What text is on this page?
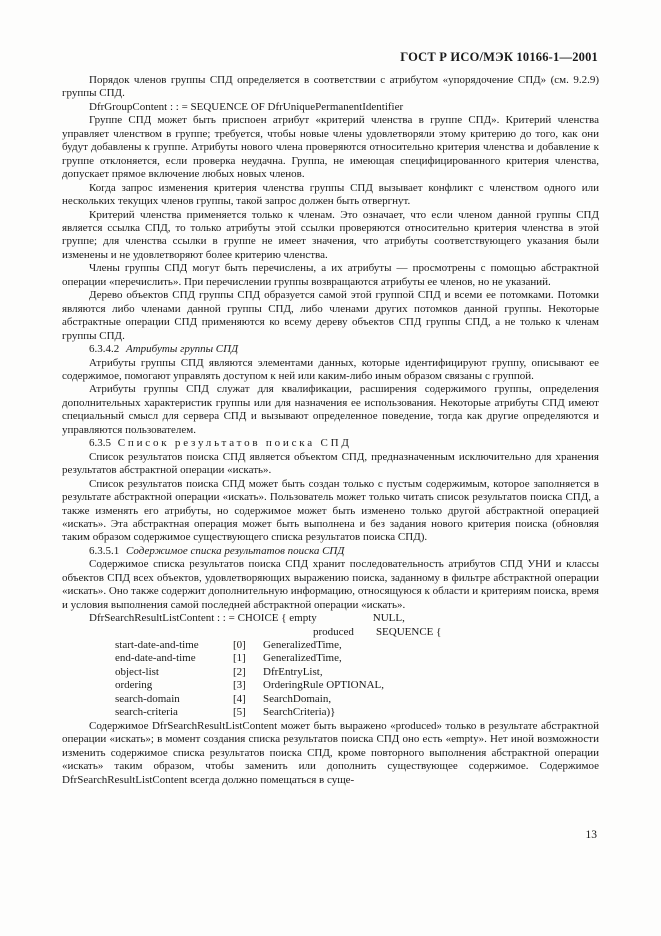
ГОСТ Р ИСО/МЭК 10166-1—2001

Порядок членов группы СПД определяется в соответствии с атрибутом «упорядочение СПД» (см. 9.2.9) группы СПД.

DfrGroupContent : : = SEQUENCE OF DfrUniquePermanentIdentifier

Группе СПД может быть приспоен атрибут «критерий членства в группе СПД». Критерий членства управляет членством в группе; требуется, чтобы новые члены удовлетворяли этому критерию до того, как они будут добавлены к группе. Атрибуты нового члена проверяются относительно критерия членства и добавление к группе отклоняется, если проверка неудачна. Группа, не имеющая специфицированного критерия членства, допускает прямое включение любых новых членов.

Когда запрос изменения критерия членства группы СПД вызывает конфликт с членством одного или нескольких текущих членов группы, такой запрос должен быть отвергнут.

Критерий членства применяется только к членам. Это означает, что если членом данной группы СПД является ссылка СПД, то только атрибуты этой ссылки проверяются относительно критерия членства в этой группе; для членства ссылки в группе не имеет значения, что атрибуты соответствующего указания были изменены и не удовлетворяют более критерию членства.

Члены группы СПД могут быть перечислены, а их атрибуты — просмотрены с помощью абстрактной операции «перечислить». При перечислении группы возвращаются атрибуты ее членов, но не указаний.

Дерево объектов СПД группы СПД образуется самой этой группой СПД и всеми ее потомками. Потомки являются либо членами данной группы СПД, либо членами других потомков данной группы. Некоторые абстрактные операции СПД применяются ко всему дереву объектов СПД группы СПД, а не только к членам группы СПД.

6.3.4.2 Атрибуты группы СПД

Атрибуты группы СПД являются элементами данных, которые идентифицируют группу, описывают ее содержимое, помогают управлять доступом к ней или каким-либо иным образом связаны с группой.

Атрибуты группы СПД служат для квалификации, расширения содержимого группы, определения дополнительных характеристик группы или для назначения ее использования. Некоторые атрибуты СПД имеют специальный смысл для сервера СПД и вызывают определенное поведение, тогда как другие определяются и управляются пользователем.

6.3.5 Список результатов поиска СПД

Список результатов поиска СПД является объектом СПД, предназначенным исключительно для хранения результатов абстрактной операции «искать».

Список результатов поиска СПД может быть создан только с пустым содержимым, которое заполняется в результате абстрактной операции «искать». Пользователь может только читать список результатов поиска СПД, а также изменять его атрибуты, но содержимое может быть изменено только другой абстрактной операцией «искать». Эта абстрактная операция может быть выполнена и без задания нового критерия поиска (обновляя таким образом содержимое существующего списка результатов поиска СПД).

6.3.5.1 Содержимое списка результатов поиска СПД

Содержимое списка результатов поиска СПД хранит последовательность атрибутов СПД УНИ и классы объектов СПД всех объектов, удовлетворяющих выражению поиска, заданному в фильтре абстрактной операции «искать». Оно также содержит дополнительную информацию, относящуюся к области и критериям поиска, время и условия выполнения самой последней абстрактной операции «искать».

DfrSearchResultListContent : : = CHOICE { empty	NULL,

produced SEQUENCE {

start-date-and-time	[0]	GeneralizedTime,
end-date-and-time	[1]	GeneralizedTime,
object-list	[2]	DfrEntryList,
ordering	[3]	OrderingRule OPTIONAL,
search-domain	[4]	SearchDomain,
search-criteria	[5]	SearchCriteria)}

Содержимое DfrSearchResultListContent может быть выражено «produced» только в результате абстрактной операции «искать»; в момент создания списка результатов поиска СПД оно есть «empty». Нет иной возможности изменить содержимое списка результатов поиска СПД, кроме повторного выполнения абстрактной операции «искать» таким образом, чтобы заменить или дополнить существующее содержимое. Содержимое DfrSearchResultListContent всегда должно помещаться в суще-

13
